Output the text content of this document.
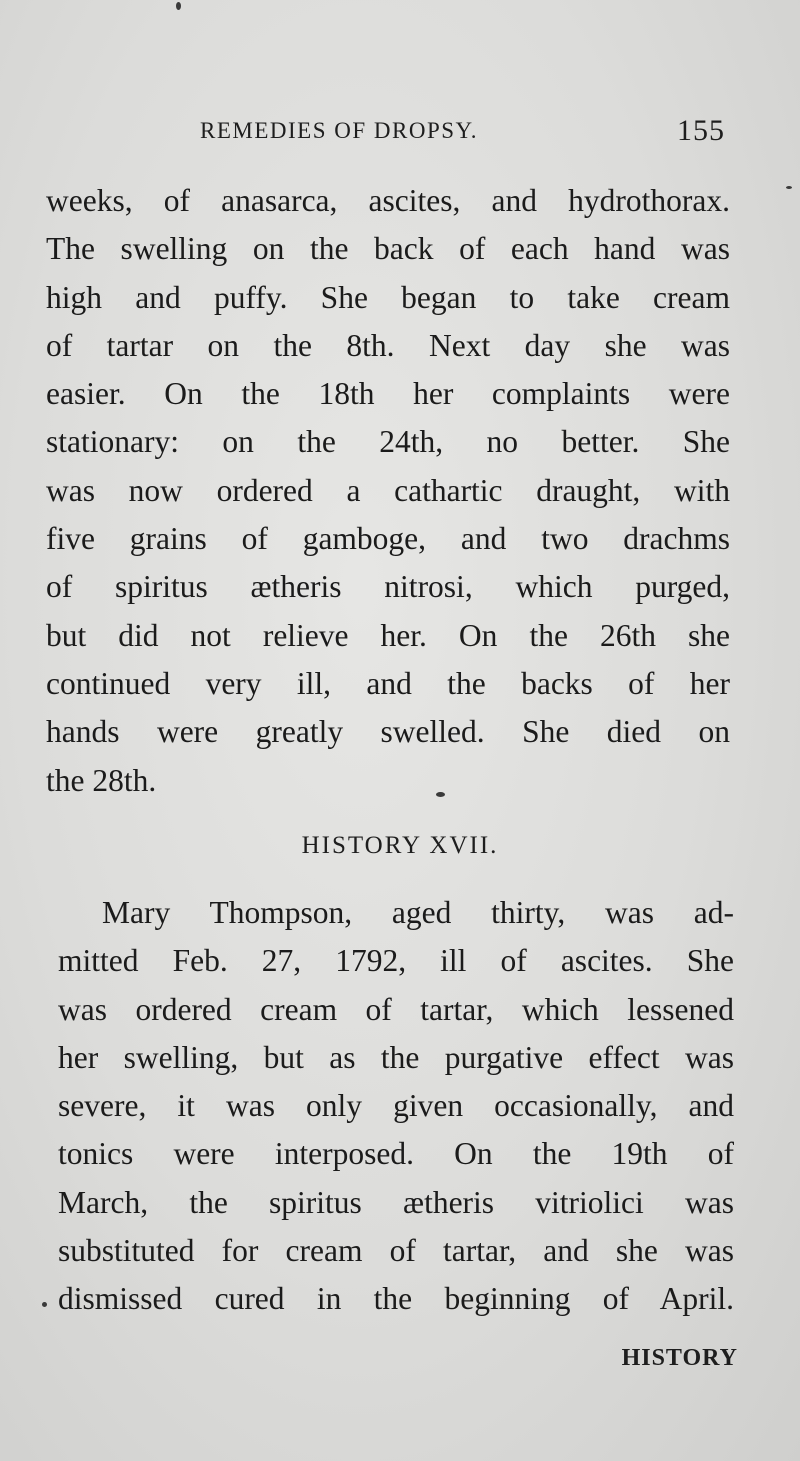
REMEDIES OF DROPSY.	155
weeks, of anasarca, ascites, and hydrothorax.
The swelling on the back of each hand was
high and puffy. She began to take cream
of tartar on the 8th. Next day she was
easier. On the 18th her complaints were
stationary: on the 24th, no better. She
was now ordered a cathartic draught, with
five grains of gamboge, and two drachms
of spiritus ætheris nitrosi, which purged,
but did not relieve her. On the 26th she
continued very ill, and the backs of her
hands were greatly swelled. She died on
the 28th.
HISTORY XVII.
Mary Thompson, aged thirty, was ad-
mitted Feb. 27, 1792, ill of ascites. She
was ordered cream of tartar, which lessened
her swelling, but as the purgative effect was
severe, it was only given occasionally, and
tonics were interposed. On the 19th of
March, the spiritus ætheris vitriolici was
substituted for cream of tartar, and she was
dismissed cured in the beginning of April.
HISTORY
